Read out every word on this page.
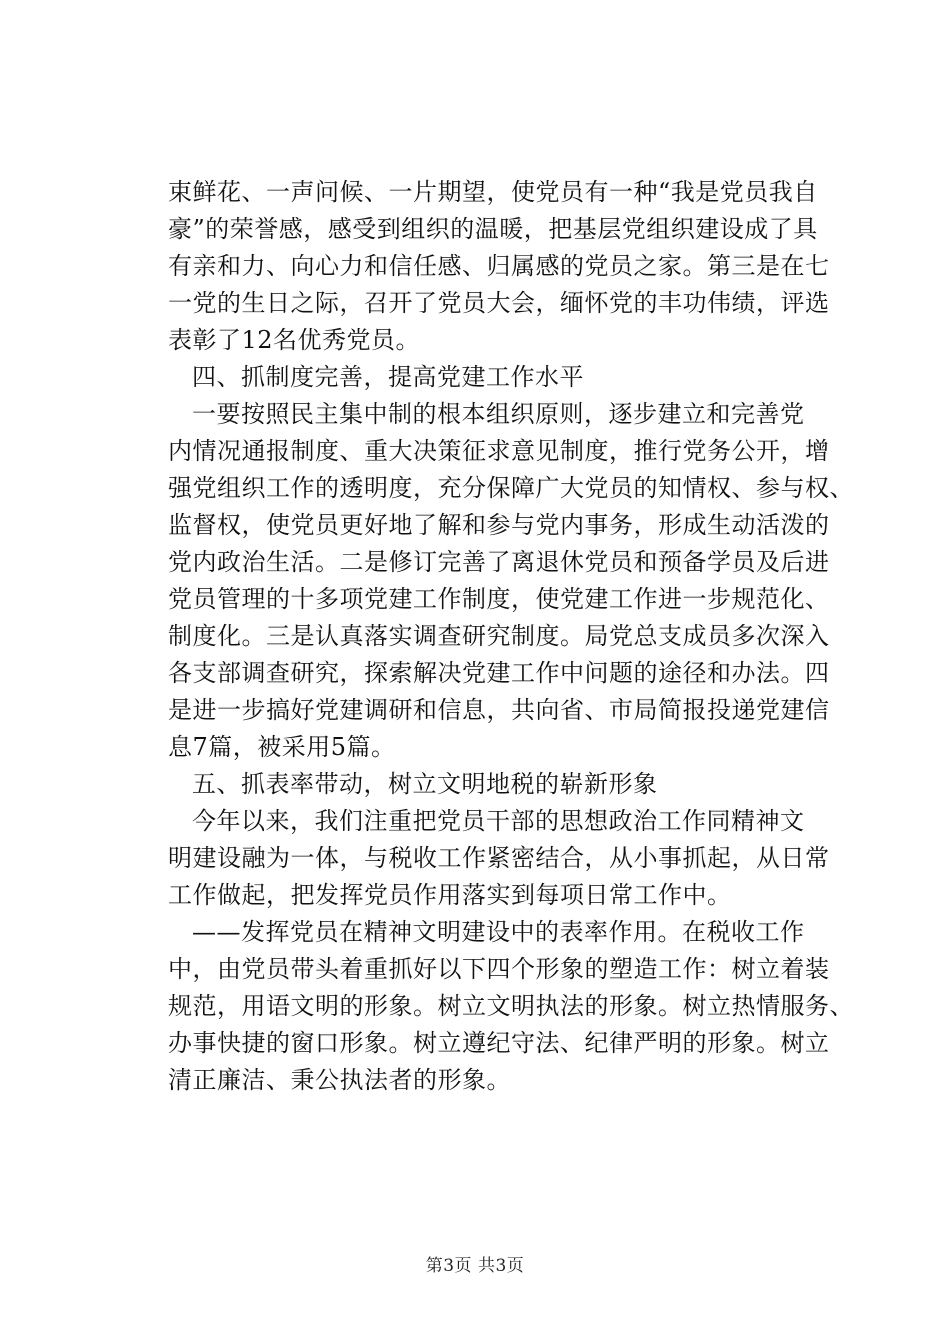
束鲜花、一声问候、一片期望，使党员有一种“我是党员我自
豪”的荣誉感，感受到组织的温暖，把基层党组织建设成了具
有亲和力、向心力和信任感、归属感的党员之家。第三是在七
一党的生日之际，召开了党员大会，缅怀党的丰功伟绩，评选
表彰了12名优秀党员。
四、抓制度完善，提高党建工作水平
一要按照民主集中制的根本组织原则，逐步建立和完善党
内情况通报制度、重大决策征求意见制度，推行党务公开，增
强党组织工作的透明度，充分保障广大党员的知情权、参与权、
监督权，使党员更好地了解和参与党内事务，形成生动活泼的
党内政治生活。二是修订完善了离退休党员和预备学员及后进
党员管理的十多项党建工作制度，使党建工作进一步规范化、
制度化。三是认真落实调查研究制度。局党总支成员多次深入
各支部调查研究，探索解决党建工作中问题的途径和办法。四
是进一步搞好党建调研和信息，共向省、市局简报投递党建信
息7篇，被采用5篇。
五、抓表率带动，树立文明地税的崭新形象
今年以来，我们注重把党员干部的思想政治工作同精神文
明建设融为一体，与税收工作紧密结合，从小事抓起，从日常
工作做起，把发挥党员作用落实到每项日常工作中。
——发挥党员在精神文明建设中的表率作用。在税收工作
中，由党员带头着重抓好以下四个形象的塑造工作：树立着装
规范，用语文明的形象。树立文明执法的形象。树立热情服务、
办事快捷的窗口形象。树立遵纪守法、纪律严明的形象。树立
清正廉洁、秉公执法者的形象。
第3页 共3页
